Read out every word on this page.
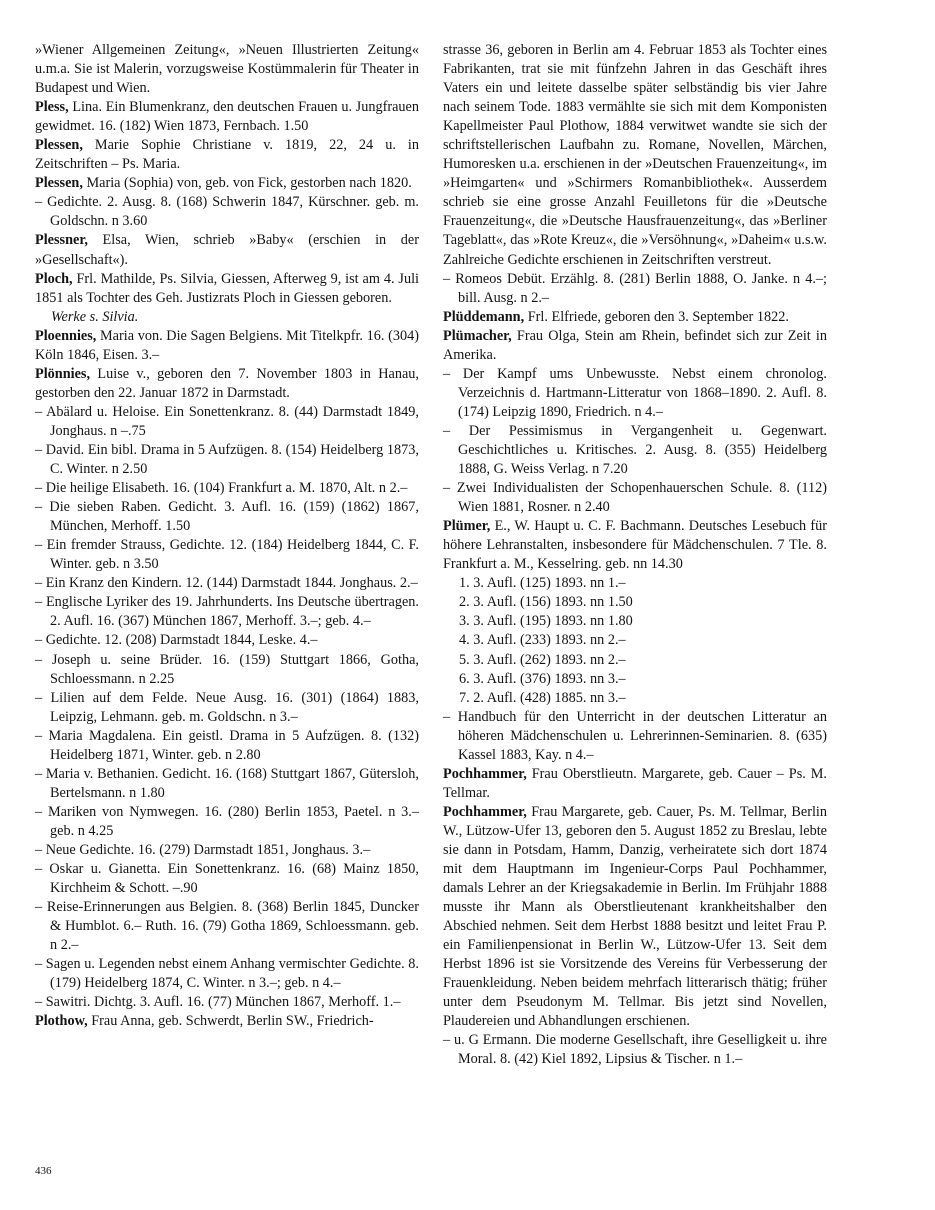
»Wiener Allgemeinen Zeitung«, »Neuen Illustrierten Zeitung« u.m.a. Sie ist Malerin, vorzugsweise Kostümmalerin für Theater in Budapest und Wien.
Pless, Lina. Ein Blumenkranz, den deutschen Frauen u. Jungfrauen gewidmet. 16. (182) Wien 1873, Fernbach. 1.50
Plessen, Marie Sophie Christiane v. 1819, 22, 24 u. in Zeitschriften – Ps. Maria.
Plessen, Maria (Sophia) von, geb. von Fick, gestorben nach 1820.
– Gedichte. 2. Ausg. 8. (168) Schwerin 1847, Kürschner. geb. m. Goldschn. n 3.60
Plessner, Elsa, Wien, schrieb »Baby« (erschien in der »Gesellschaft«).
Ploch, Frl. Mathilde, Ps. Silvia, Giessen, Afterweg 9, ist am 4. Juli 1851 als Tochter des Geh. Justizrats Ploch in Giessen geboren.
Werke s. Silvia.
Ploennies, Maria von. Die Sagen Belgiens. Mit Titelkpfr. 16. (304) Köln 1846, Eisen. 3.–
Plönnies, Luise v., geboren den 7. November 1803 in Hanau, gestorben den 22. Januar 1872 in Darmstadt.
– Abälard u. Heloise. Ein Sonettenkranz. 8. (44) Darmstadt 1849, Jonghaus. n –.75
– David. Ein bibl. Drama in 5 Aufzügen. 8. (154) Heidelberg 1873, C. Winter. n 2.50
– Die heilige Elisabeth. 16. (104) Frankfurt a. M. 1870, Alt. n 2.–
– Die sieben Raben. Gedicht. 3. Aufl. 16. (159) (1862) 1867, München, Merhoff. 1.50
– Ein fremder Strauss, Gedichte. 12. (184) Heidelberg 1844, C. F. Winter. geb. n 3.50
– Ein Kranz den Kindern. 12. (144) Darmstadt 1844. Jonghaus. 2.–
– Englische Lyriker des 19. Jahrhunderts. Ins Deutsche übertragen. 2. Aufl. 16. (367) München 1867, Merhoff. 3.–; geb. 4.–
– Gedichte. 12. (208) Darmstadt 1844, Leske. 4.–
– Joseph u. seine Brüder. 16. (159) Stuttgart 1866, Gotha, Schloessmann. n 2.25
– Lilien auf dem Felde. Neue Ausg. 16. (301) (1864) 1883, Leipzig, Lehmann. geb. m. Goldschn. n 3.–
– Maria Magdalena. Ein geistl. Drama in 5 Aufzügen. 8. (132) Heidelberg 1871, Winter. geb. n 2.80
– Maria v. Bethanien. Gedicht. 16. (168) Stuttgart 1867, Gütersloh, Bertelsmann. n 1.80
– Mariken von Nymwegen. 16. (280) Berlin 1853, Paetel. n 3.– geb. n 4.25
– Neue Gedichte. 16. (279) Darmstadt 1851, Jonghaus. 3.–
– Oskar u. Gianetta. Ein Sonettenkranz. 16. (68) Mainz 1850, Kirchheim & Schott. –.90
– Reise-Erinnerungen aus Belgien. 8. (368) Berlin 1845, Duncker & Humblot. 6.– Ruth. 16. (79) Gotha 1869, Schloessmann. geb. n 2.–
– Sagen u. Legenden nebst einem Anhang vermischter Gedichte. 8. (179) Heidelberg 1874, C. Winter. n 3.–; geb. n 4.–
– Sawitri. Dichtg. 3. Aufl. 16. (77) München 1867, Merhoff. 1.–
Plothow, Frau Anna, geb. Schwerdt, Berlin SW., Friedrich-
strasse 36, geboren in Berlin am 4. Februar 1853 als Tochter eines Fabrikanten, trat sie mit fünfzehn Jahren in das Geschäft ihres Vaters ein und leitete dasselbe später selbständig bis vier Jahre nach seinem Tode. 1883 vermählte sie sich mit dem Komponisten Kapellmeister Paul Plothow, 1884 verwitwet wandte sie sich der schriftstellerischen Laufbahn zu. Romane, Novellen, Märchen, Humoresken u.a. erschienen in der »Deutschen Frauenzeitung«, im »Heimgarten« und »Schirmers Romanbibliothek«. Ausserdem schrieb sie eine grosse Anzahl Feuilletons für die »Deutsche Frauenzeitung«, die »Deutsche Hausfrauenzeitung«, das »Berliner Tageblatt«, das »Rote Kreuz«, die »Versöhnung«, »Daheim« u.s.w. Zahlreiche Gedichte erschienen in Zeitschriften verstreut.
– Romeos Debüt. Erzählg. 8. (281) Berlin 1888, O. Janke. n 4.–; bill. Ausg. n 2.–
Plüddemann, Frl. Elfriede, geboren den 3. September 1822.
Plümacher, Frau Olga, Stein am Rhein, befindet sich zur Zeit in Amerika.
– Der Kampf ums Unbewusste. Nebst einem chronolog. Verzeichnis d. Hartmann-Litteratur von 1868–1890. 2. Aufl. 8. (174) Leipzig 1890, Friedrich. n 4.–
– Der Pessimismus in Vergangenheit u. Gegenwart. Geschichtliches u. Kritisches. 2. Ausg. 8. (355) Heidelberg 1888, G. Weiss Verlag. n 7.20
– Zwei Individualisten der Schopenhauerschen Schule. 8. (112) Wien 1881, Rosner. n 2.40
Plümer, E., W. Haupt u. C. F. Bachmann. Deutsches Lesebuch für höhere Lehranstalten, insbesondere für Mädchenschulen. 7 Tle. 8. Frankfurt a. M., Kesselring. geb. nn 14.30
1. 3. Aufl. (125) 1893. nn 1.–
2. 3. Aufl. (156) 1893. nn 1.50
3. 3. Aufl. (195) 1893. nn 1.80
4. 3. Aufl. (233) 1893. nn 2.–
5. 3. Aufl. (262) 1893. nn 2.–
6. 3. Aufl. (376) 1893. nn 3.–
7. 2. Aufl. (428) 1885. nn 3.–
– Handbuch für den Unterricht in der deutschen Litteratur an höheren Mädchenschulen u. Lehrerinnen-Seminarien. 8. (635) Kassel 1883, Kay. n 4.–
Pochhammer, Frau Oberstlieutn. Margarete, geb. Cauer – Ps. M. Tellmar.
Pochhammer, Frau Margarete, geb. Cauer, Ps. M. Tellmar, Berlin W., Lützow-Ufer 13, geboren den 5. August 1852 zu Breslau, lebte sie dann in Potsdam, Hamm, Danzig, verheiratete sich dort 1874 mit dem Hauptmann im Ingenieur-Corps Paul Pochhammer, damals Lehrer an der Kriegsakademie in Berlin. Im Frühjahr 1888 musste ihr Mann als Oberstlieutenant krankheitshalber den Abschied nehmen. Seit dem Herbst 1888 besitzt und leitet Frau P. ein Familienpensionat in Berlin W., Lützow-Ufer 13. Seit dem Herbst 1896 ist sie Vorsitzende des Vereins für Verbesserung der Frauenkleidung. Neben beidem mehrfach litterarisch thätig; früher unter dem Pseudonym M. Tellmar. Bis jetzt sind Novellen, Plaudereien und Abhandlungen erschienen.
– u. G Ermann. Die moderne Gesellschaft, ihre Geselligkeit u. ihre Moral. 8. (42) Kiel 1892, Lipsius & Tischer. n 1.–
436
